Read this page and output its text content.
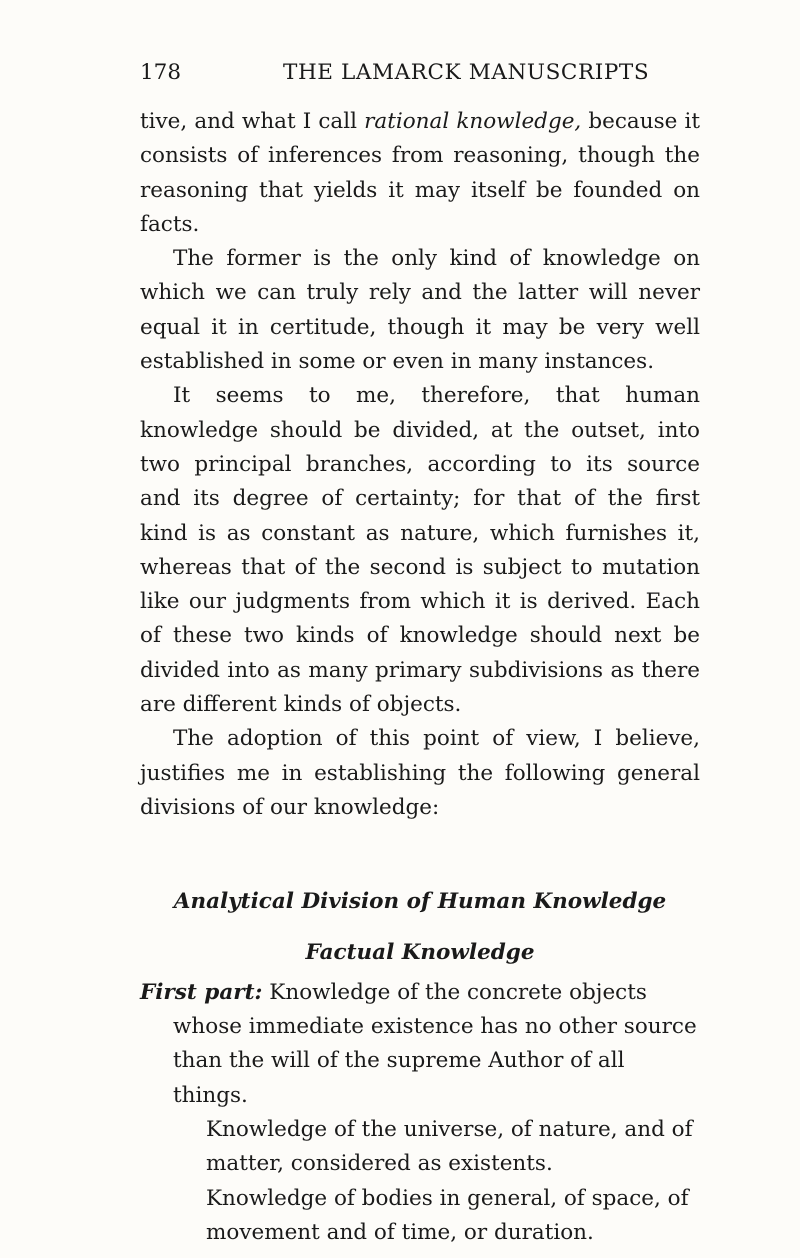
178	THE LAMARCK MANUSCRIPTS

tive, and what I call rational knowledge, because it consists of inferences from reasoning, though the reasoning that yields it may itself be founded on facts.

The former is the only kind of knowledge on which we can truly rely and the latter will never equal it in certitude, though it may be very well established in some or even in many instances.

It seems to me, therefore, that human knowledge should be divided, at the outset, into two principal branches, according to its source and its degree of certainty; for that of the first kind is as constant as nature, which furnishes it, whereas that of the second is subject to mutation like our judgments from which it is derived. Each of these two kinds of knowledge should next be divided into as many primary subdivisions as there are different kinds of objects.

The adoption of this point of view, I believe, justifies me in establishing the following general divisions of our knowledge:

Analytical Division of Human Knowledge

Factual Knowledge

First part: Knowledge of the concrete objects whose immediate existence has no other source than the will of the supreme Author of all things.

Knowledge of the universe, of nature, and of matter, considered as existents.

Knowledge of bodies in general, of space, of movement and of time, or duration.
